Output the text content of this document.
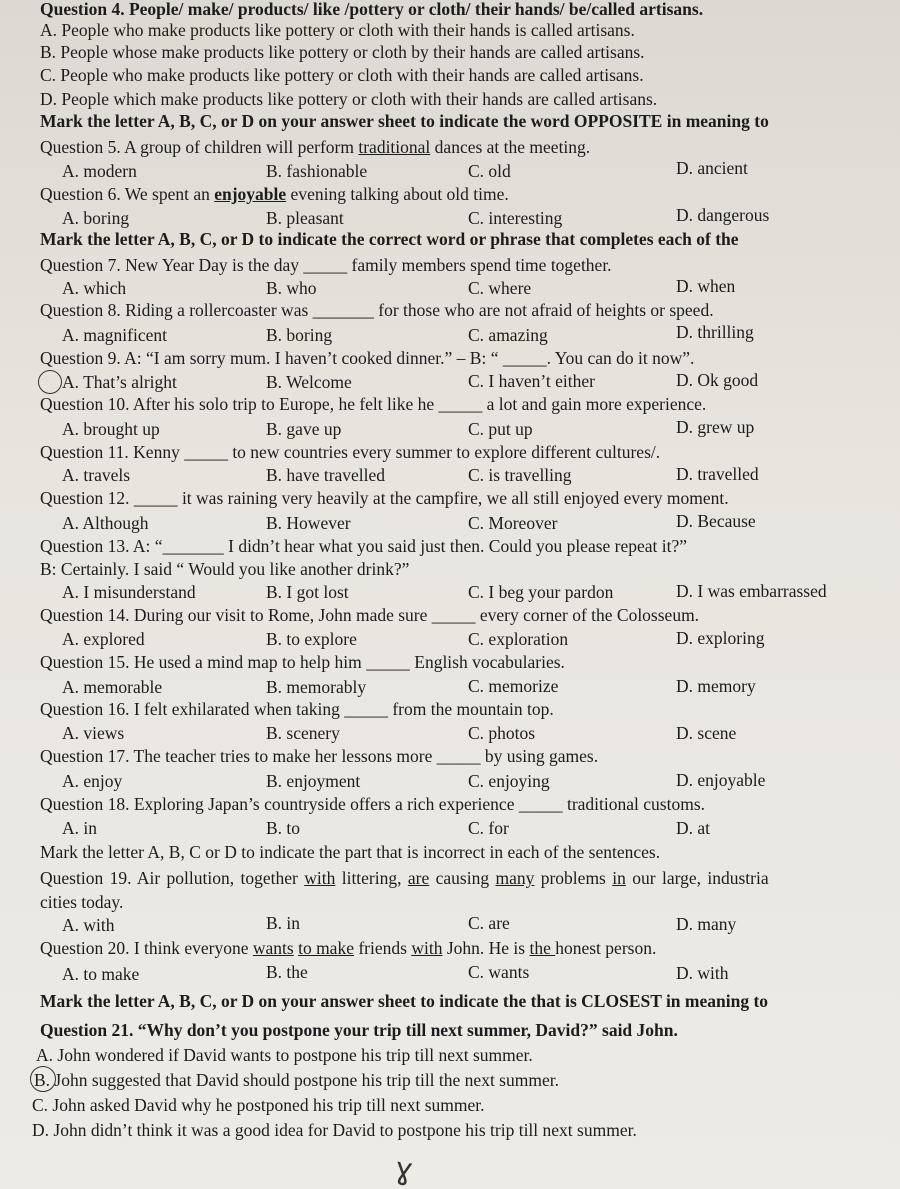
Question 4. People/ make/ products/ like /pottery or cloth/ their hands/ be/called artisans.
A. People who make products like pottery or cloth with their hands is called artisans.
B. People whose make products like pottery or cloth by their hands are called artisans.
C. People who make products like pottery or cloth with their hands are called artisans.
D. People which make products like pottery or cloth with their hands are called artisans.
Mark the letter A, B, C, or D on your answer sheet to indicate the word OPPOSITE in meaning to
Question 5. A group of children will perform traditional dances at the meeting.
A. modern	B. fashionable	C. old	D. ancient
Question 6. We spent an enjoyable evening talking about old time.
A. boring	B. pleasant	C. interesting	D. dangerous
Mark the letter A, B, C, or D to indicate the correct word or phrase that completes each of the
Question 7. New Year Day is the day _____ family members spend time together.
A. which	B. who	C. where	D. when
Question 8. Riding a rollercoaster was _______ for those who are not afraid of heights or speed.
A. magnificent	B. boring	C. amazing	D. thrilling
Question 9. A: “I am sorry mum. I haven’t cooked dinner.” – B: “ _____. You can do it now”.
A. That’s alright	B. Welcome	C. I haven’t either	D. Ok good
Question 10. After his solo trip to Europe, he felt like he _____ a lot and gain more experience.
A. brought up	B. gave up	C. put up	D. grew up
Question 11. Kenny _____ to new countries every summer to explore different cultures/.
A. travels	B. have travelled	C. is travelling	D. travelled
Question 12. _____ it was raining very heavily at the campfire, we all still enjoyed every moment.
A. Although	B. However	C. Moreover	D. Because
Question 13. A: “_______ I didn’t hear what you said just then. Could you please repeat it?”
B: Certainly. I said “ Would you like another drink?”
A. I misunderstand	B. I got lost	C. I beg your pardon	D. I was embarrassed
Question 14. During our visit to Rome, John made sure _____ every corner of the Colosseum.
A. explored	B. to explore	C. exploration	D. exploring
Question 15. He used a mind map to help him _____ English vocabularies.
A. memorable	B. memorably	C. memorize	D. memory
Question 16. I felt exhilarated when taking _____ from the mountain top.
A. views	B. scenery	C. photos	D. scene
Question 17. The teacher tries to make her lessons more _____ by using games.
A. enjoy	B. enjoyment	C. enjoying	D. enjoyable
Question 18. Exploring Japan’s countryside offers a rich experience _____ traditional customs.
A. in	B. to	C. for	D. at
Mark the letter A, B, C or D to indicate the part that is incorrect in each of the sentences.
Question 19. Air pollution, together with littering, are causing many problems in our large, industria
cities today.
A. with	B. in	C. are	D. many
Question 20. I think everyone wants to make friends with John. He is the honest person.
A. to make	B. the	C. wants	D. with
Mark the letter A, B, C, or D on your answer sheet to indicate the that is CLOSEST in meaning to
Question 21. “Why don’t you postpone your trip till next summer, David?” said John.
A. John wondered if David wants to postpone his trip till next summer.
B. John suggested that David should postpone his trip till the next summer.
C. John asked David why he postponed his trip till next summer.
D. John didn’t think it was a good idea for David to postpone his trip till next summer.
ɣ
